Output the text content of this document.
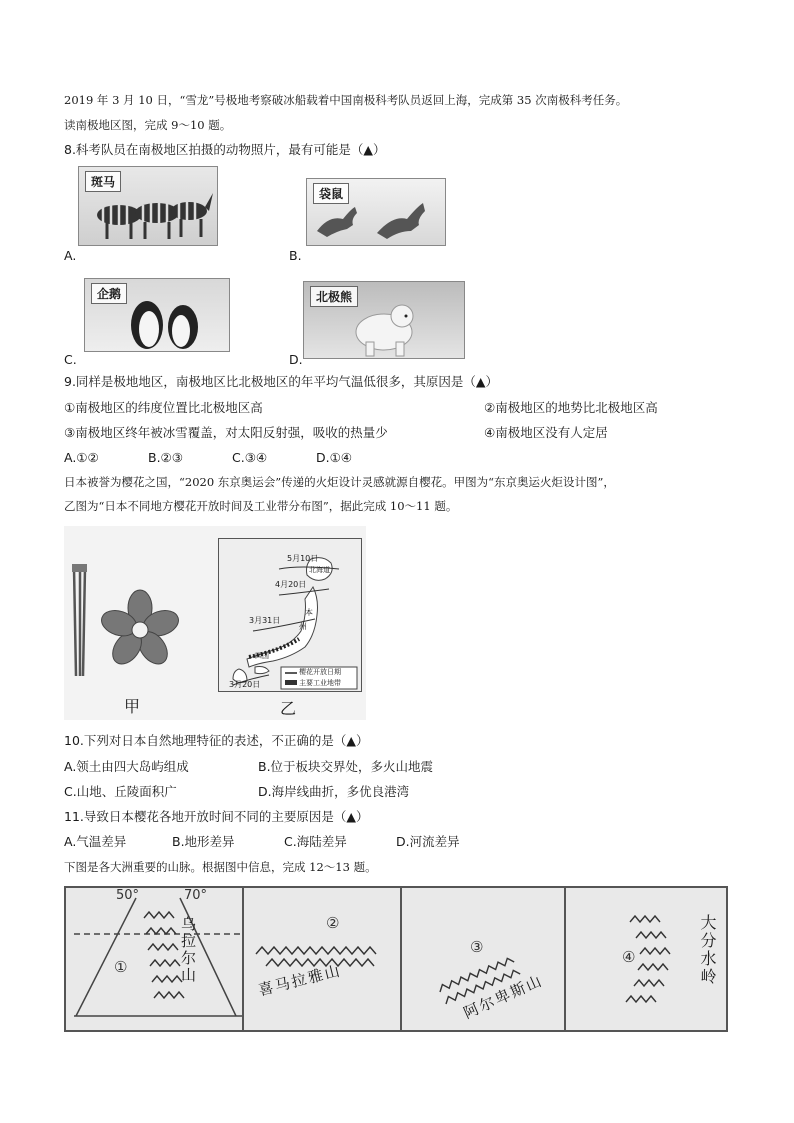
2019 年 3 月 10 日，“雪龙”号极地考察破冰船载着中国南极科考队员返回上海，完成第 35 次南极科考任务。
读南极地区图，完成 9～10 题。
8.科考队员在南极地区拍摄的动物照片，最有可能是（▲）
斑马
A.
袋鼠
B.
企鹅
C.
北极熊
D.
9.同样是极地地区，南极地区比北极地区的年平均气温低很多，其原因是（▲）
①南极地区的纬度位置比北极地区高	②南极地区的地势比北极地区高
③南极地区终年被冰雪覆盖，对太阳反射强，吸收的热量少	④南极地区没有人定居
A.①②	B.②③	C.③④	D.①④
日本被誉为樱花之国，“2020 东京奥运会”传递的火炬设计灵感就源自樱花。甲图为“东京奥运火炬设计图”，
乙图为“日本不同地方樱花开放时间及工业带分布图”，据此完成 10～11 题。
甲
5月10日
北海道
4月20日
本
州
3月31日
四国
3月20日
樱花开放日期
主要工业地带
乙
10.下列对日本自然地理特征的表述，不正确的是（▲）
A.领土由四大岛屿组成	B.位于板块交界处，多火山地震
C.山地、丘陵面积广	D.海岸线曲折，多优良港湾
11.导致日本樱花各地开放时间不同的主要原因是（▲）
A.气温差异	B.地形差异	C.海陆差异	D.河流差异
下图是各大洲重要的山脉。根据图中信息，完成 12～13 题。
50°	70°
①	乌拉尔山	②
喜马拉雅山
③
阿尔卑斯山
④	大分水岭
